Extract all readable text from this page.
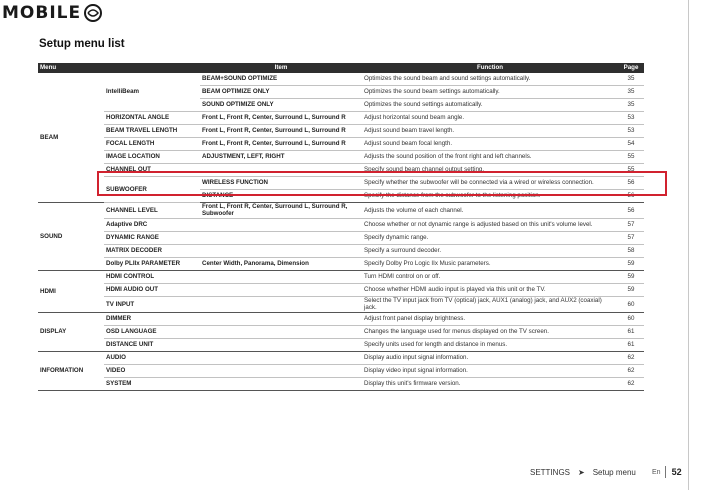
MOBILE
Setup menu list
Menu		Item	Function	Page
BEAM	IntelliBeam	BEAM+SOUND OPTIMIZE	Optimizes the sound beam and sound settings automatically.	35
		BEAM OPTIMIZE ONLY	Optimizes the sound beam settings automatically.	35
		SOUND OPTIMIZE ONLY	Optimizes the sound settings automatically.	35
	HORIZONTAL ANGLE	Front L, Front R, Center, Surround L, Surround R	Adjust horizontal sound beam angle.	53
	BEAM TRAVEL LENGTH	Front L, Front R, Center, Surround L, Surround R	Adjust sound beam travel length.	53
	FOCAL LENGTH	Front L, Front R, Center, Surround L, Surround R	Adjust sound beam focal length.	54
	IMAGE LOCATION	ADJUSTMENT, LEFT, RIGHT	Adjusts the sound position of the front right and left channels.	55
	CHANNEL OUT		Specify sound beam channel output setting.	55
	SUBWOOFER	WIRELESS FUNCTION	Specify whether the subwoofer will be connected via a wired or wireless connection.	56
		DISTANCE	Specify the distance from the subwoofer to the listening position.	56
SOUND	CHANNEL LEVEL	Front L, Front R, Center, Surround L, Surround R, Subwoofer	Adjusts the volume of each channel.	56
	Adaptive DRC		Choose whether or not dynamic range is adjusted based on this unit's volume level.	57
	DYNAMIC RANGE		Specify dynamic range.	57
	MATRIX DECODER		Specify a surround decoder.	58
	Dolby PLIIx PARAMETER	Center Width, Panorama, Dimension	Specify Dolby Pro Logic IIx Music parameters.	59
HDMI	HDMI CONTROL		Turn HDMI control on or off.	59
	HDMI AUDIO OUT		Choose whether HDMI audio input is played via this unit or the TV.	59
	TV INPUT		Select the TV input jack from TV (optical) jack, AUX1 (analog) jack, and AUX2 (coaxial) jack.	60
DISPLAY	DIMMER		Adjust front panel display brightness.	60
	OSD LANGUAGE		Changes the language used for menus displayed on the TV screen.	61
	DISTANCE UNIT		Specify units used for length and distance in menus.	61
INFORMATION	AUDIO		Display audio input signal information.	62
	VIDEO		Display video input signal information.	62
	SYSTEM		Display this unit's firmware version.	62
SETTINGS ➤ Setup menu En 52
